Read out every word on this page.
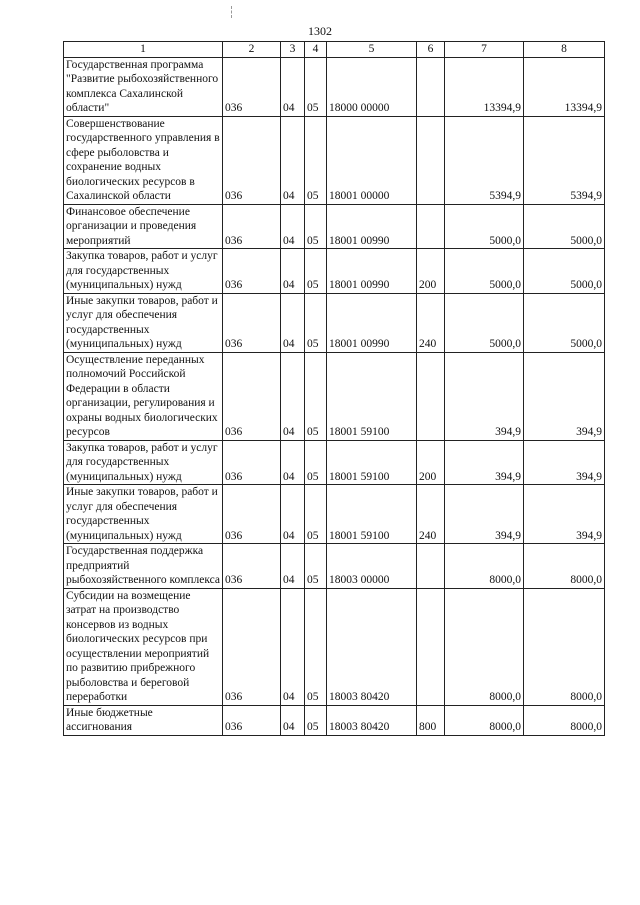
1302
1	2	3	4	5	6	7	8
Государственная программа "Развитие рыбохозяйственного комплекса Сахалинской области"	036	04	05	18000 00000		13394,9	13394,9
Совершенствование государственного управления в сфере рыболовства и сохранение водных биологических ресурсов в Сахалинской области	036	04	05	18001 00000		5394,9	5394,9
Финансовое обеспечение организации и проведения мероприятий	036	04	05	18001 00990		5000,0	5000,0
Закупка товаров, работ и услуг для государственных (муниципальных) нужд	036	04	05	18001 00990	200	5000,0	5000,0
Иные закупки товаров, работ и услуг для обеспечения государственных (муниципальных) нужд	036	04	05	18001 00990	240	5000,0	5000,0
Осуществление переданных полномочий Российской Федерации в области организации, регулирования и охраны водных биологических ресурсов	036	04	05	18001 59100		394,9	394,9
Закупка товаров, работ и услуг для государственных (муниципальных) нужд	036	04	05	18001 59100	200	394,9	394,9
Иные закупки товаров, работ и услуг для обеспечения государственных (муниципальных) нужд	036	04	05	18001 59100	240	394,9	394,9
Государственная поддержка предприятий рыбохозяйственного комплекса	036	04	05	18003 00000		8000,0	8000,0
Субсидии на возмещение затрат на производство консервов из водных биологических ресурсов при осуществлении мероприятий по развитию прибрежного рыболовства и береговой переработки	036	04	05	18003 80420		8000,0	8000,0
Иные бюджетные ассигнования	036	04	05	18003 80420	800	8000,0	8000,0
